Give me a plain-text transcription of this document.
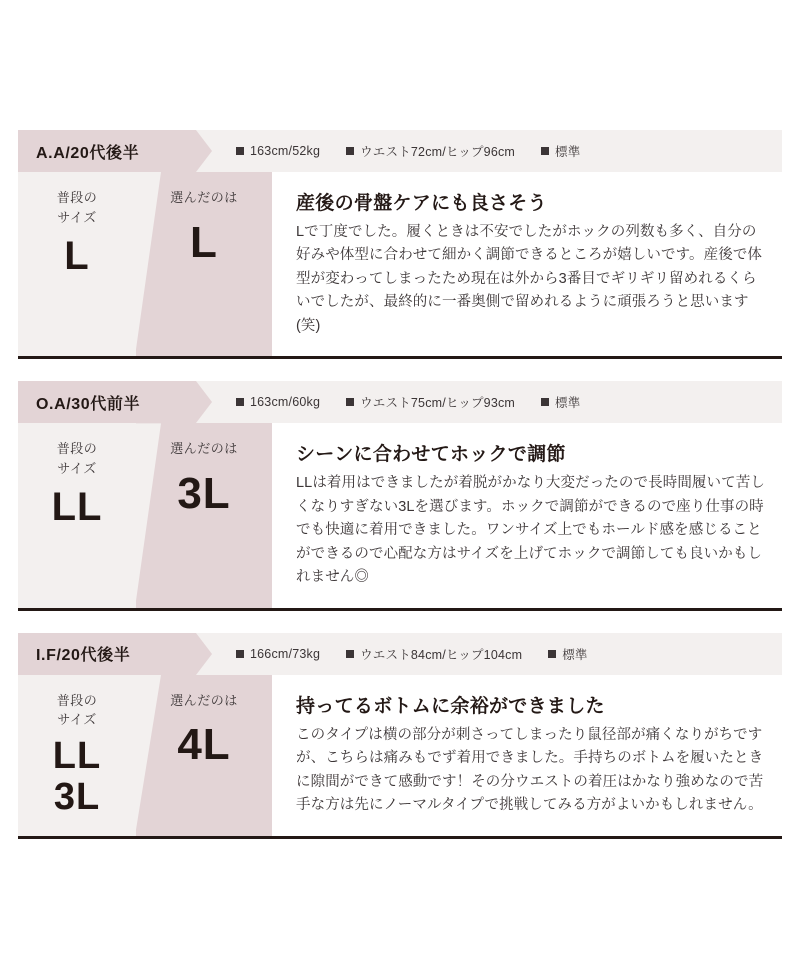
A.A/20代後半	163cm/52kg	ウエスト72cm/ヒップ96cm	標準
普段の
サイズ
L
選んだのは
L
産後の骨盤ケアにも良さそう

Lで丁度でした。履くときは不安でしたがホックの列数も多く、自分の好みや体型に合わせて細かく調節できるところが嬉しいです。産後で体型が変わってしまったため現在は外から3番目でギリギリ留めれるくらいでしたが、最終的に一番奥側で留めれるように頑張ろうと思います(笑)

O.A/30代前半	163cm/60kg	ウエスト75cm/ヒップ93cm	標準
普段の
サイズ
LL
選んだのは
3L
シーンに合わせてホックで調節

LLは着用はできましたが着脱がかなり大変だったので長時間履いて苦しくなりすぎない3Lを選びます。ホックで調節ができるので座り仕事の時でも快適に着用できました。ワンサイズ上でもホールド感を感じることができるので心配な方はサイズを上げてホックで調節しても良いかもしれません◎

I.F/20代後半	166cm/73kg	ウエスト84cm/ヒップ104cm	標準
普段の
サイズ
LL
3L
選んだのは
4L
持ってるボトムに余裕ができました

このタイプは横の部分が刺さってしまったり鼠径部が痛くなりがちですが、こちらは痛みもでず着用できました。手持ちのボトムを履いたときに隙間ができて感動です！その分ウエストの着圧はかなり強めなので苦手な方は先にノーマルタイプで挑戦してみる方がよいかもしれません。
